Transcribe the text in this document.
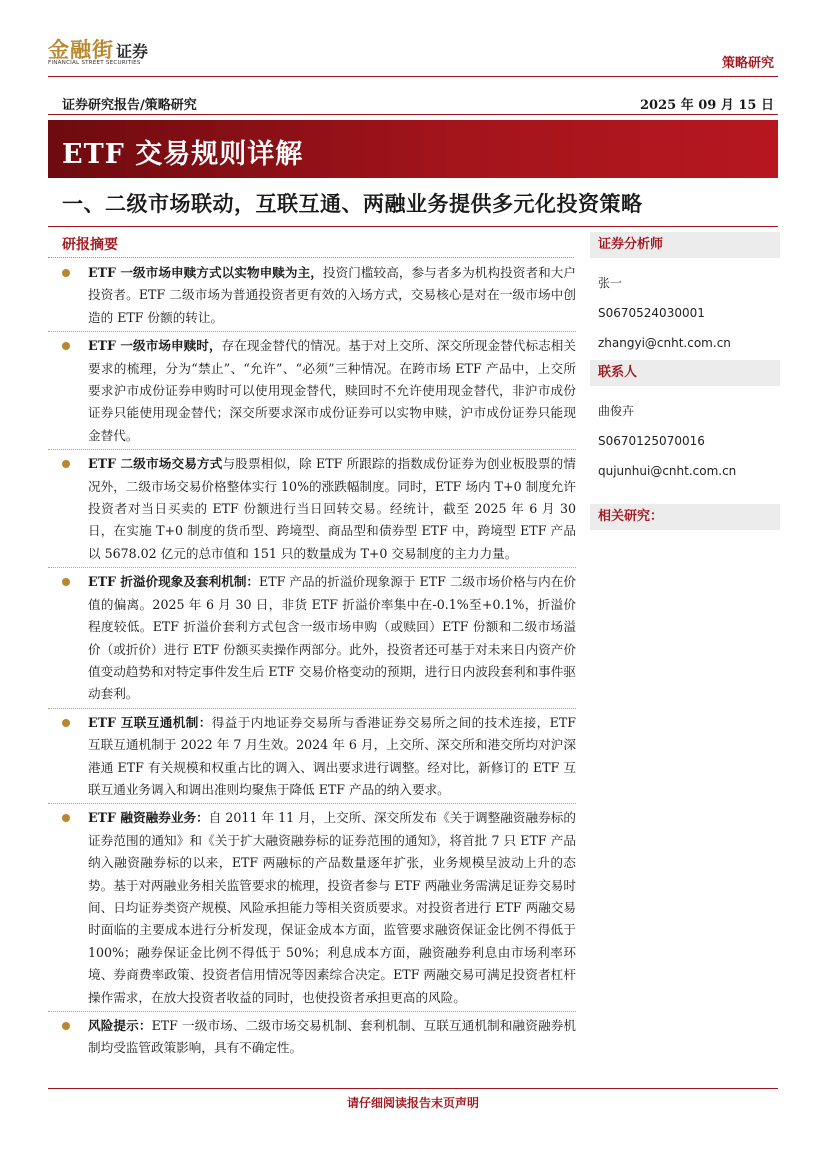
金融街 证券
FINANCIAL STREET SECURITIES	策略研究
证券研究报告/策略研究	2025 年 09 月 15 日
ETF 交易规则详解
一、二级市场联动，互联互通、两融业务提供多元化投资策略
研报摘要
ETF 一级市场申赎方式以实物申赎为主，投资门槛较高，参与者多为机构投资者和大户投资者。ETF 二级市场为普通投资者更有效的入场方式，交易核心是对在一级市场中创造的 ETF 份额的转让。
ETF 一级市场申赎时，存在现金替代的情况。基于对上交所、深交所现金替代标志相关要求的梳理，分为“禁止”、“允许”、“必须”三种情况。在跨市场 ETF 产品中，上交所要求沪市成份证券申购时可以使用现金替代，赎回时不允许使用现金替代，非沪市成份证券只能使用现金替代；深交所要求深市成份证券可以实物申赎，沪市成份证券只能现金替代。
ETF 二级市场交易方式与股票相似，除 ETF 所跟踪的指数成份证券为创业板股票的情况外，二级市场交易价格整体实行 10%的涨跌幅制度。同时，ETF 场内 T+0 制度允许投资者对当日买卖的 ETF 份额进行当日回转交易。经统计，截至 2025 年 6 月 30 日，在实施 T+0 制度的货币型、跨境型、商品型和债券型 ETF 中，跨境型 ETF 产品以 5678.02 亿元的总市值和 151 只的数量成为 T+0 交易制度的主力力量。
ETF 折溢价现象及套利机制：ETF 产品的折溢价现象源于 ETF 二级市场价格与内在价值的偏离。2025 年 6 月 30 日，非货 ETF 折溢价率集中在-0.1%至+0.1%，折溢价程度较低。ETF 折溢价套利方式包含一级市场申购（或赎回）ETF 份额和二级市场溢价（或折价）进行 ETF 份额买卖操作两部分。此外，投资者还可基于对未来日内资产价值变动趋势和对特定事件发生后 ETF 交易价格变动的预期，进行日内波段套利和事件驱动套利。
ETF 互联互通机制：得益于内地证券交易所与香港证券交易所之间的技术连接，ETF 互联互通机制于 2022 年 7 月生效。2024 年 6 月，上交所、深交所和港交所均对沪深港通 ETF 有关规模和权重占比的调入、调出要求进行调整。经对比，新修订的 ETF 互联互通业务调入和调出准则均聚焦于降低 ETF 产品的纳入要求。
ETF 融资融券业务：自 2011 年 11 月，上交所、深交所发布《关于调整融资融券标的证券范围的通知》和《关于扩大融资融券标的证券范围的通知》，将首批 7 只 ETF 产品纳入融资融券标的以来，ETF 两融标的产品数量逐年扩张，业务规模呈波动上升的态势。基于对两融业务相关监管要求的梳理，投资者参与 ETF 两融业务需满足证券交易时间、日均证券类资产规模、风险承担能力等相关资质要求。对投资者进行 ETF 两融交易时面临的主要成本进行分析发现，保证金成本方面，监管要求融资保证金比例不得低于 100%；融券保证金比例不得低于 50%；利息成本方面，融资融券利息由市场利率环境、券商费率政策、投资者信用情况等因素综合决定。ETF 两融交易可满足投资者杠杆操作需求，在放大投资者收益的同时，也使投资者承担更高的风险。
风险提示：ETF 一级市场、二级市场交易机制、套利机制、互联互通机制和融资融券机制均受监管政策影响，具有不确定性。
证券分析师
张一
S0670524030001
zhangyi@cnht.com.cn
联系人
曲俊卉
S0670125070016
qujunhui@cnht.com.cn
相关研究：
请仔细阅读报告末页声明
